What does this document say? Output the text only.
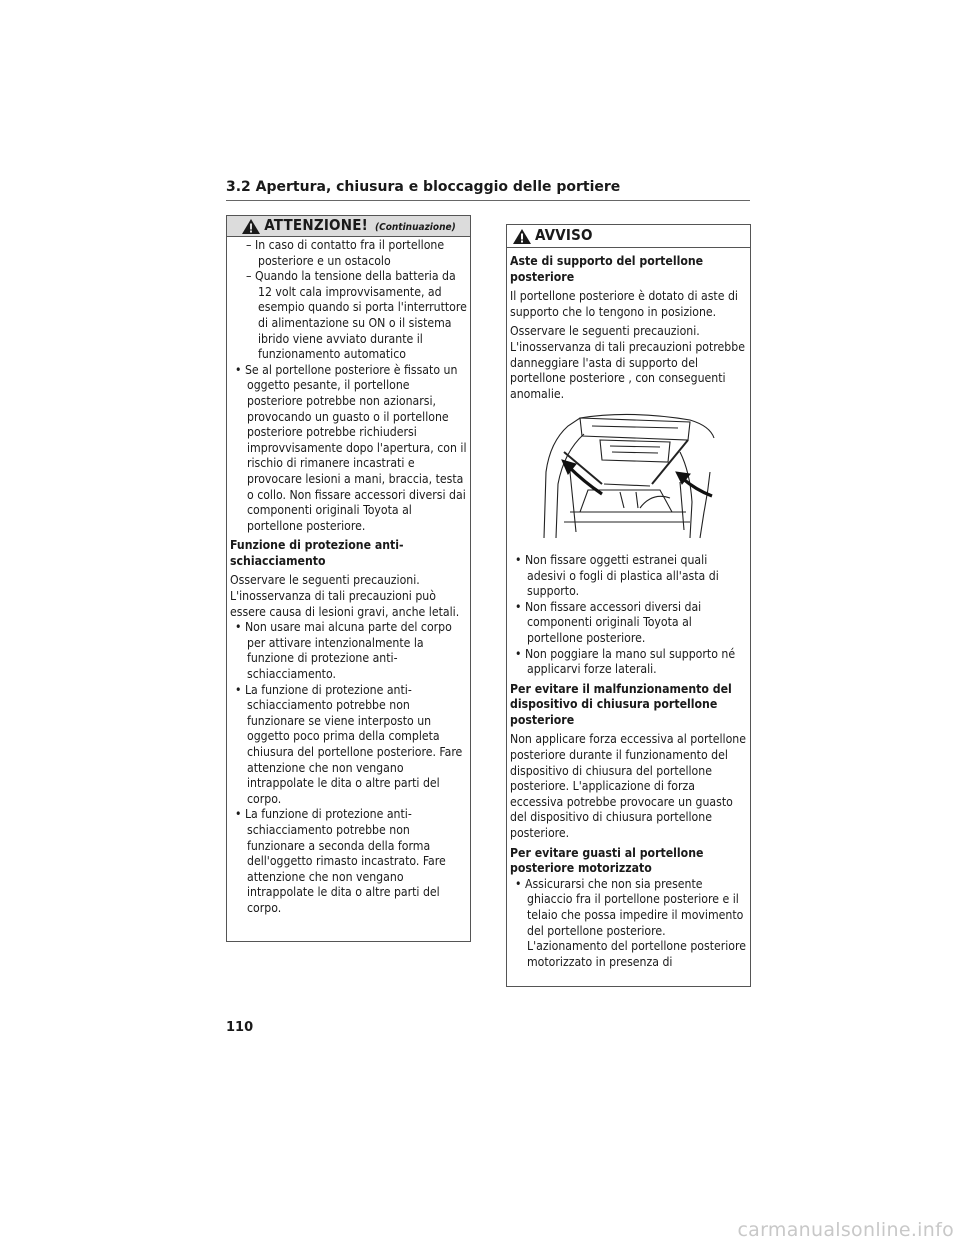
3.2 Apertura, chiusura e bloccaggio delle portiere
ATTENZIONE! (Continuazione)

– In caso di contatto fra il portellone posteriore e un ostacolo

– Quando la tensione della batteria da 12 volt cala improvvisamente, ad esempio quando si porta l'interruttore di alimentazione su ON o il sistema ibrido viene avviato durante il funzionamento automatico

• Se al portellone posteriore è fissato un oggetto pesante, il portellone posteriore potrebbe non azionarsi, provocando un guasto o il portellone posteriore potrebbe richiudersi improvvisamente dopo l'apertura, con il rischio di rimanere incastrati e provocare lesioni a mani, braccia, testa o collo. Non fissare accessori diversi dai componenti originali Toyota al portellone posteriore.

Funzione di protezione anti-schiacciamento

Osservare le seguenti precauzioni. L'inosservanza di tali precauzioni può essere causa di lesioni gravi, anche letali.

• Non usare mai alcuna parte del corpo per attivare intenzionalmente la funzione di protezione anti-schiacciamento.

• La funzione di protezione anti-schiacciamento potrebbe non funzionare se viene interposto un oggetto poco prima della completa chiusura del portellone posteriore. Fare attenzione che non vengano intrappolate le dita o altre parti del corpo.

• La funzione di protezione anti-schiacciamento potrebbe non funzionare a seconda della forma dell'oggetto rimasto incastrato. Fare attenzione che non vengano intrappolate le dita o altre parti del corpo.

AVVISO

Aste di supporto del portellone posteriore

Il portellone posteriore è dotato di aste di supporto che lo tengono in posizione.

Osservare le seguenti precauzioni. L'inosservanza di tali precauzioni potrebbe danneggiare l'asta di supporto del portellone posteriore , con conseguenti anomalie.

• Non fissare oggetti estranei quali adesivi o fogli di plastica all'asta di supporto.

• Non fissare accessori diversi dai componenti originali Toyota al portellone posteriore.

• Non poggiare la mano sul supporto né applicarvi forze laterali.

Per evitare il malfunzionamento del dispositivo di chiusura portellone posteriore

Non applicare forza eccessiva al portellone posteriore durante il funzionamento del dispositivo di chiusura del portellone posteriore. L'applicazione di forza eccessiva potrebbe provocare un guasto del dispositivo di chiusura portellone posteriore.

Per evitare guasti al portellone posteriore motorizzato

• Assicurarsi che non sia presente ghiaccio fra il portellone posteriore e il telaio che possa impedire il movimento del portellone posteriore. L'azionamento del portellone posteriore motorizzato in presenza di

110
carmanualsonline.info
